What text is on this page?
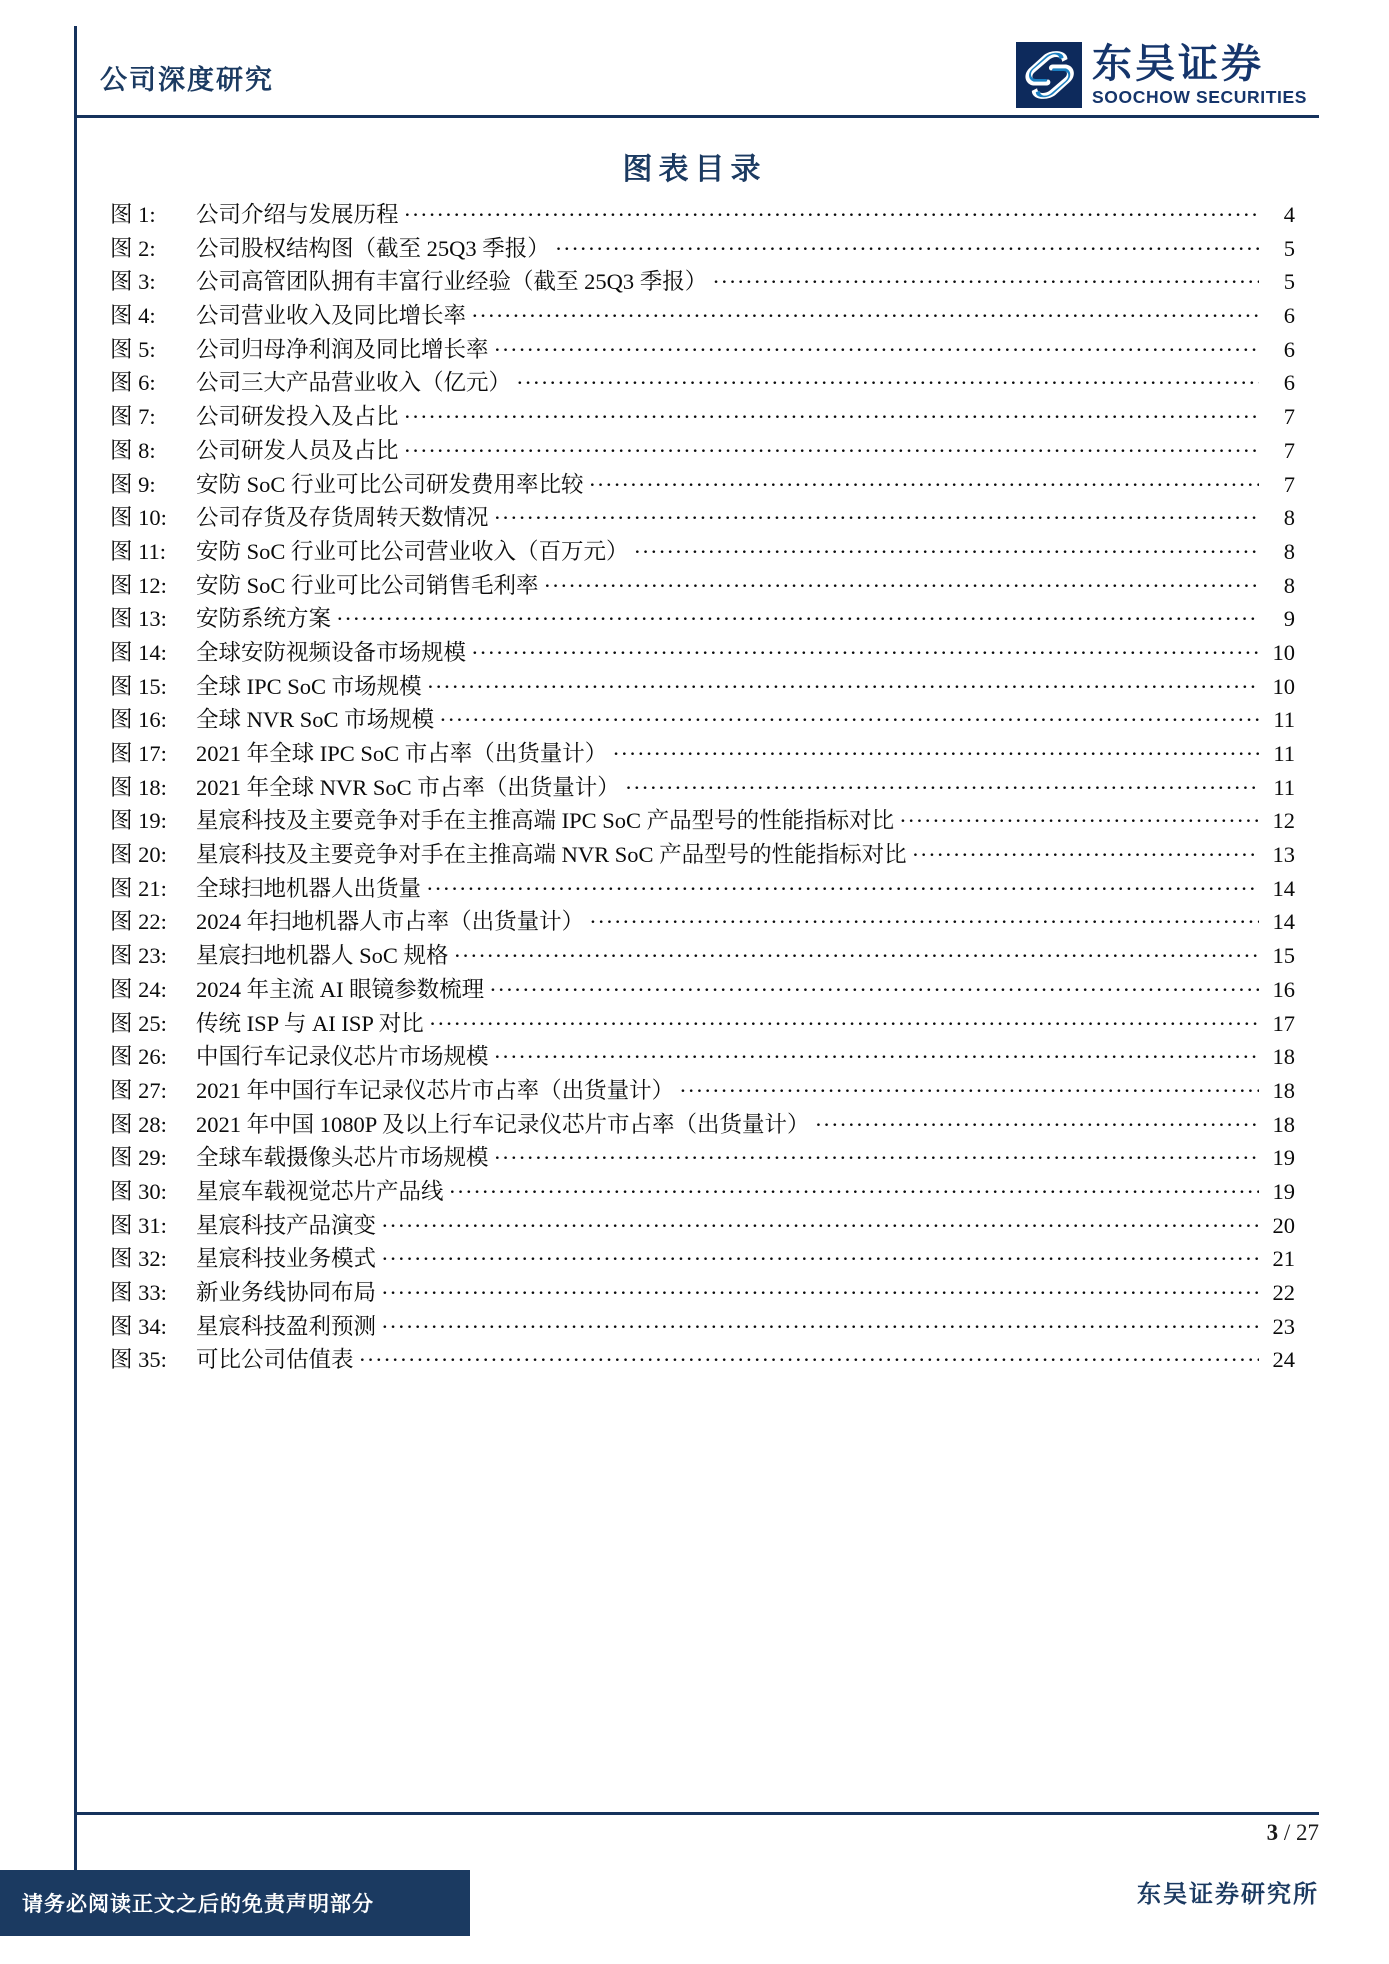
公司深度研究	东吴证券
SOOCHOW SECURITIES
图表目录
图 1:	公司介绍与发展历程 .....	4
图 2:	公司股权结构图（截至 25Q3 季报） .....	5
图 3:	公司高管团队拥有丰富行业经验（截至 25Q3 季报） .....	5
图 4:	公司营业收入及同比增长率 .....	6
图 5:	公司归母净利润及同比增长率 .....	6
图 6:	公司三大产品营业收入（亿元） .....	6
图 7:	公司研发投入及占比 .....	7
图 8:	公司研发人员及占比 .....	7
图 9:	安防 SoC 行业可比公司研发费用率比较 .....	7
图 10:	公司存货及存货周转天数情况 .....	8
图 11:	安防 SoC 行业可比公司营业收入（百万元） .....	8
图 12:	安防 SoC 行业可比公司销售毛利率 .....	8
图 13:	安防系统方案 .....	9
图 14:	全球安防视频设备市场规模 .....	10
图 15:	全球 IPC SoC 市场规模 .....	10
图 16:	全球 NVR SoC 市场规模 .....	11
图 17:	2021 年全球 IPC SoC 市占率（出货量计） .....	11
图 18:	2021 年全球 NVR SoC 市占率（出货量计） .....	11
图 19:	星宸科技及主要竞争对手在主推高端 IPC SoC 产品型号的性能指标对比 .....	12
图 20:	星宸科技及主要竞争对手在主推高端 NVR SoC 产品型号的性能指标对比 .....	13
图 21:	全球扫地机器人出货量 .....	14
图 22:	2024 年扫地机器人市占率（出货量计） .....	14
图 23:	星宸扫地机器人 SoC 规格 .....	15
图 24:	2024 年主流 AI 眼镜参数梳理 .....	16
图 25:	传统 ISP 与 AI ISP 对比 .....	17
图 26:	中国行车记录仪芯片市场规模 .....	18
图 27:	2021 年中国行车记录仪芯片市占率（出货量计） .....	18
图 28:	2021 年中国 1080P 及以上行车记录仪芯片市占率（出货量计） .....	18
图 29:	全球车载摄像头芯片市场规模 .....	19
图 30:	星宸车载视觉芯片产品线 .....	19
图 31:	星宸科技产品演变 .....	20
图 32:	星宸科技业务模式 .....	21
图 33:	新业务线协同布局 .....	22
图 34:	星宸科技盈利预测 .....	23
图 35:	可比公司估值表 .....	24
3 / 27
东吴证券研究所
请务必阅读正文之后的免责声明部分
